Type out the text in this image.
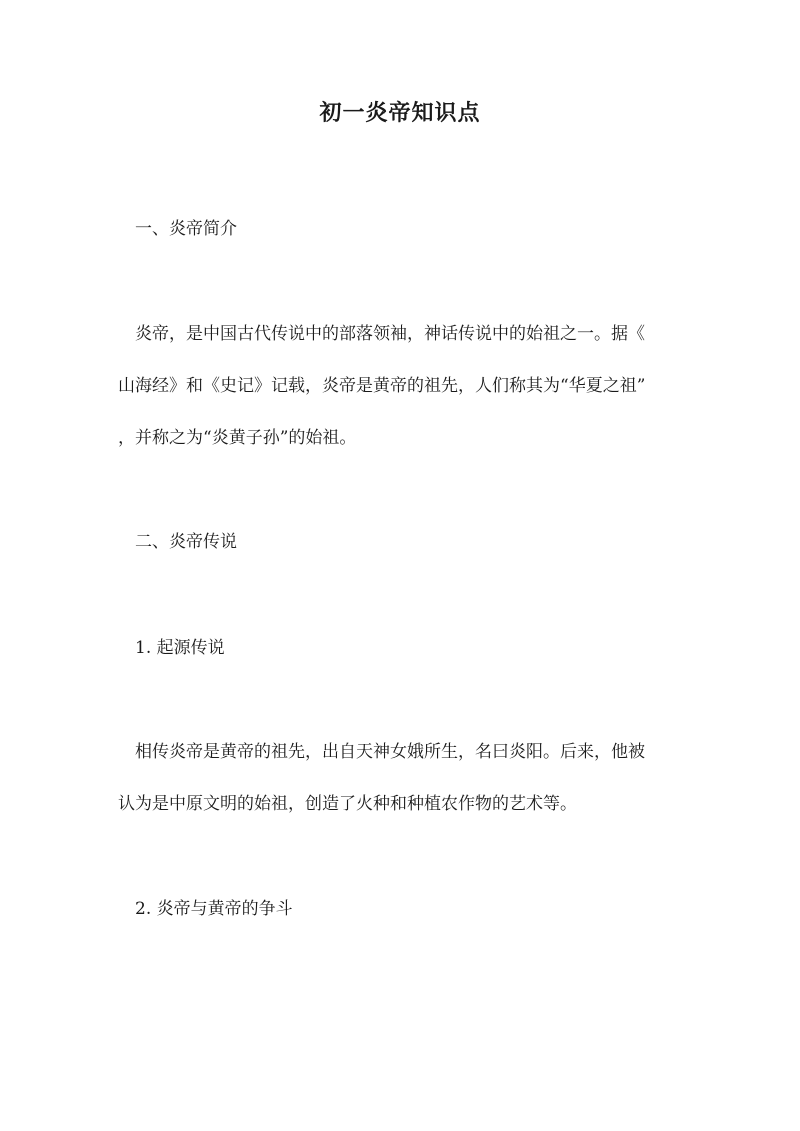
初一炎帝知识点
一、炎帝简介
炎帝，是中国古代传说中的部落领袖，神话传说中的始祖之一。据《
山海经》和《史记》记载，炎帝是黄帝的祖先，人们称其为“华夏之祖”
，并称之为“炎黄子孙”的始祖。
二、炎帝传说
1. 起源传说
相传炎帝是黄帝的祖先，出自天神女娥所生，名曰炎阳。后来，他被
认为是中原文明的始祖，创造了火种和种植农作物的艺术等。
2. 炎帝与黄帝的争斗
